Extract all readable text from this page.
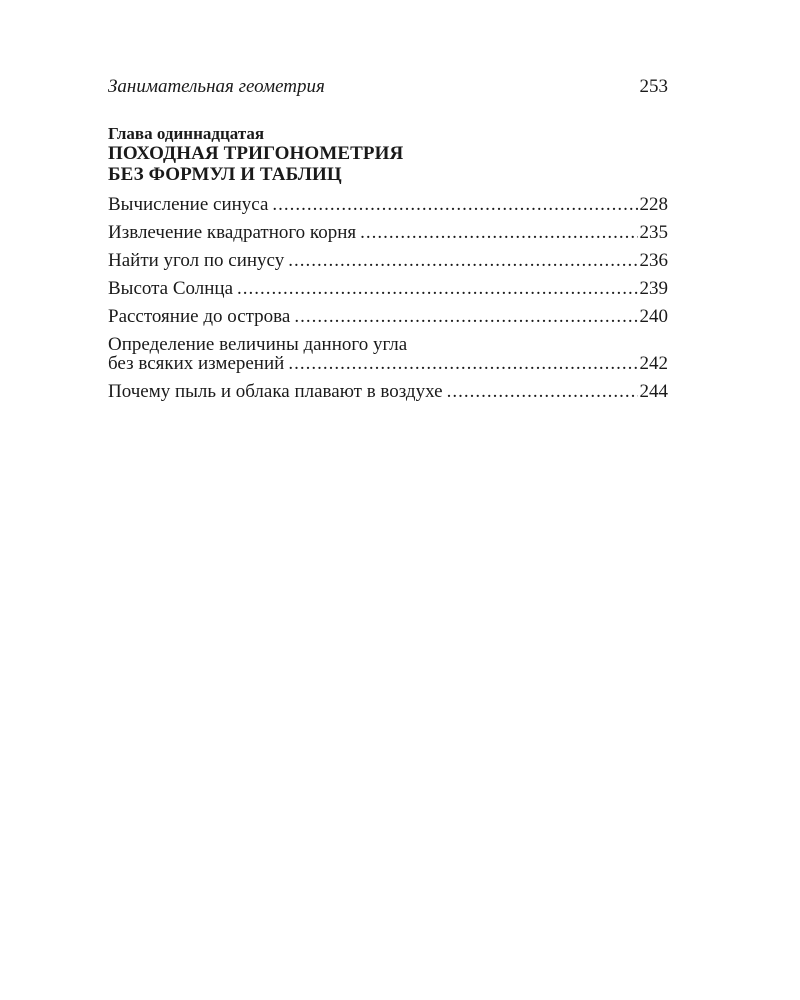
Занимательная геометрия	253
Глава одиннадцатая
ПОХОДНАЯ ТРИГОНОМЕТРИЯ
БЕЗ ФОРМУЛ И ТАБЛИЦ
Вычисление синуса .....	228
Извлечение квадратного корня .....	235
Найти угол по синусу .....	236
Высота Солнца .....	239
Расстояние до острова .....	240
Определение величины данного угла
без всяких измерений .....	242
Почему пыль и облака плавают в воздухе .....	244
